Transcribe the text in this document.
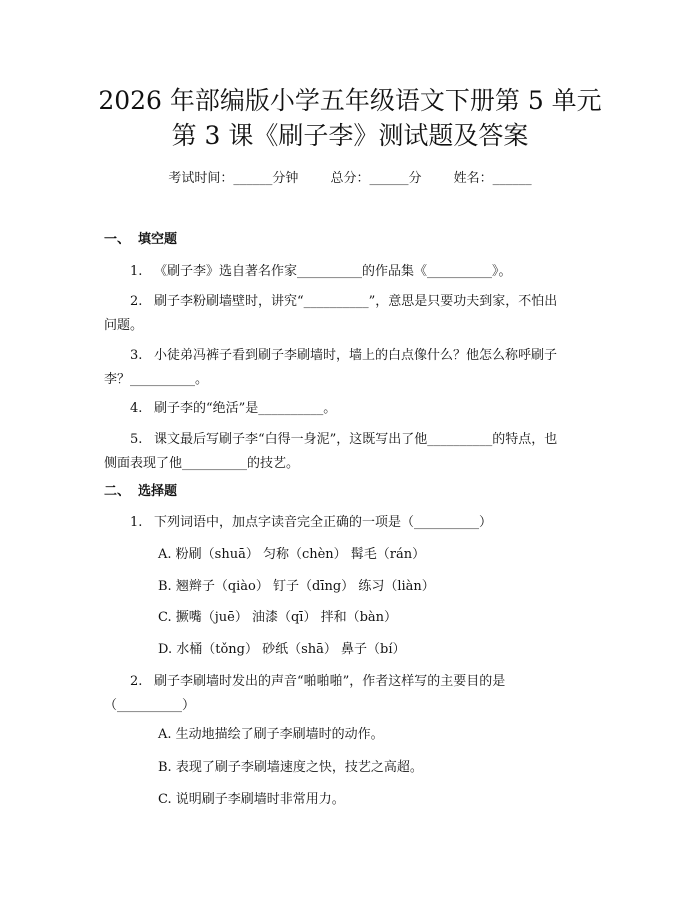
2026 年部编版小学五年级语文下册第 5 单元
第 3 课《刷子李》测试题及答案
考试时间：______分钟 总分：______分 姓名：______
一、 填空题
1. 《刷子李》选自著名作家__________的作品集《__________》。
2. 刷子李粉刷墙壁时，讲究“__________”，意思是只要功夫到家，不怕出
问题。
3. 小徒弟冯裤子看到刷子李刷墙时，墙上的白点像什么？他怎么称呼刷子
李？__________。
4. 刷子李的“绝活”是__________。
5. 课文最后写刷子李“白得一身泥”，这既写出了他__________的特点，也
侧面表现了他__________的技艺。
二、 选择题
1. 下列词语中，加点字读音完全正确的一项是（__________）
A. 粉刷（shuā） 匀称（chèn） 髯毛（rán）
B. 翘辫子（qiào） 钉子（dīng） 练习（liàn）
C. 撅嘴（juē） 油漆（qī） 拌和（bàn）
D. 水桶（tǒng） 砂纸（shā） 鼻子（bí）
2. 刷子李刷墙时发出的声音“啪啪啪”，作者这样写的主要目的是
（__________）
A. 生动地描绘了刷子李刷墙时的动作。
B. 表现了刷子李刷墙速度之快，技艺之高超。
C. 说明刷子李刷墙时非常用力。
